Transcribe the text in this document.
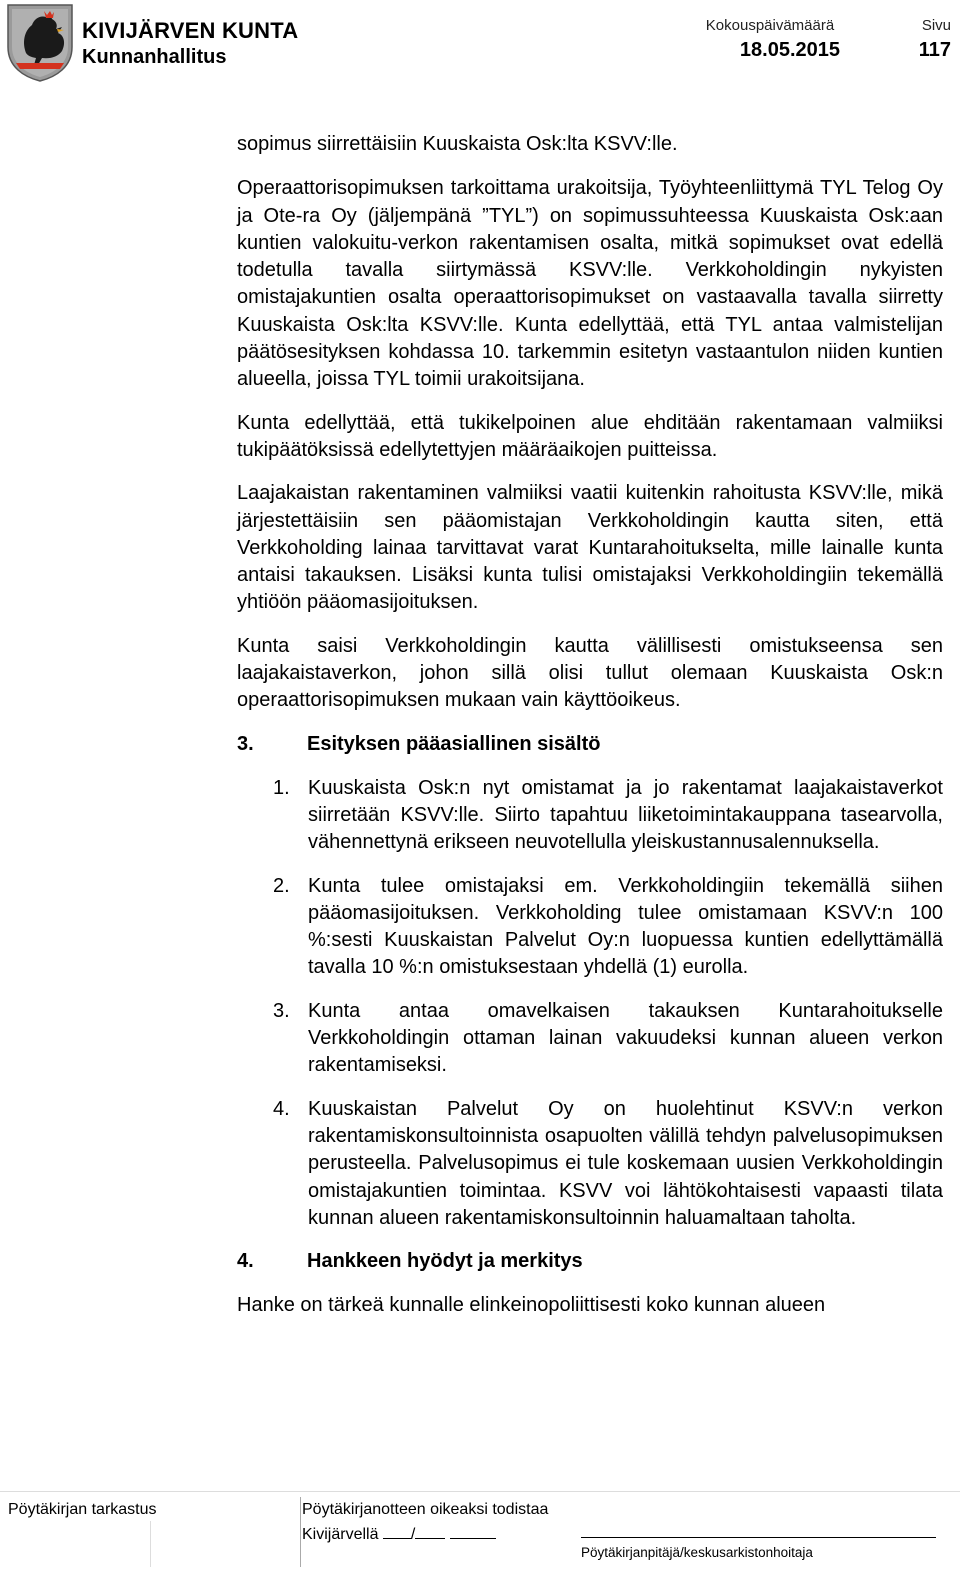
KIVIJÄRVEN KUNTA
Kunnanhallitus
Kokouspäivämäärä
18.05.2015
Sivu
117

sopimus siirrettäisiin Kuuskaista Osk:lta KSVV:lle.

Operaattorisopimuksen tarkoittama urakoitsija, Työyhteenliittymä TYL Telog Oy ja Ote-ra Oy (jäljempänä ”TYL”) on sopimussuhteessa Kuuskaista Osk:aan kuntien valokuitu-verkon rakentamisen osalta, mitkä sopimukset ovat edellä todetulla tavalla siirtymässä KSVV:lle. Verkkoholdingin nykyisten omistajakuntien osalta operaattorisopimukset on vastaavalla tavalla siirretty Kuuskaista Osk:lta KSVV:lle. Kunta edellyttää, että TYL antaa valmistelijan päätösesityksen kohdassa 10. tarkemmin esitetyn vastaantulon niiden kuntien alueella, joissa TYL toimii urakoitsijana.

Kunta edellyttää, että tukikelpoinen alue ehditään rakentamaan valmiiksi tukipäätöksissä edellytettyjen määräaikojen puitteissa.

Laajakaistan rakentaminen valmiiksi vaatii kuitenkin rahoitusta KSVV:lle, mikä järjestettäisiin sen pääomistajan Verkkoholdingin kautta siten, että Verkkoholding lainaa tarvittavat varat Kuntarahoitukselta, mille lainalle kunta antaisi takauksen. Lisäksi kunta tulisi omistajaksi Verkkoholdingiin tekemällä yhtiöön pääomasijoituksen.

Kunta saisi Verkkoholdingin kautta välillisesti omistukseensa sen laajakaistaverkon, johon sillä olisi tullut olemaan Kuuskaista Osk:n operaattorisopimuksen mukaan vain käyttöoikeus.

3.	Esityksen pääasiallinen sisältö
1. Kuuskaista Osk:n nyt omistamat ja jo rakentamat laajakaistaverkot siirretään KSVV:lle. Siirto tapahtuu liiketoimintakauppana tasearvolla, vähennettynä erikseen neuvotellulla yleiskustannusalennuksella.
2. Kunta tulee omistajaksi em. Verkkoholdingiin tekemällä siihen pääomasijoituksen. Verkkoholding tulee omistamaan KSVV:n 100 %:sesti Kuuskaistan Palvelut Oy:n luopuessa kuntien edellyttämällä tavalla 10 %:n omistuksestaan yhdellä (1) eurolla.
3. Kunta antaa omavelkaisen takauksen Kuntarahoitukselle Verkkoholdingin ottaman lainan vakuudeksi kunnan alueen verkon rakentamiseksi.
4. Kuuskaistan Palvelut Oy on huolehtinut KSVV:n verkon rakentamiskonsultoinnista osapuolten välillä tehdyn palvelusopimuksen perusteella. Palvelusopimus ei tule koskemaan uusien Verkkoholdingin omistajakuntien toimintaa. KSVV voi lähtökohtaisesti vapaasti tilata kunnan alueen rakentamiskonsultoinnin haluamaltaan taholta.
4.	Hankkeen hyödyt ja merkitys

Hanke on tärkeä kunnalle elinkeinopoliittisesti koko kunnan alueen

Pöytäkirjan tarkastus	Pöytäkirjanotteen oikeaksi todistaa
Kivijärvellä /
Pöytäkirjanpitäjä/keskusarkistonhoitaja
